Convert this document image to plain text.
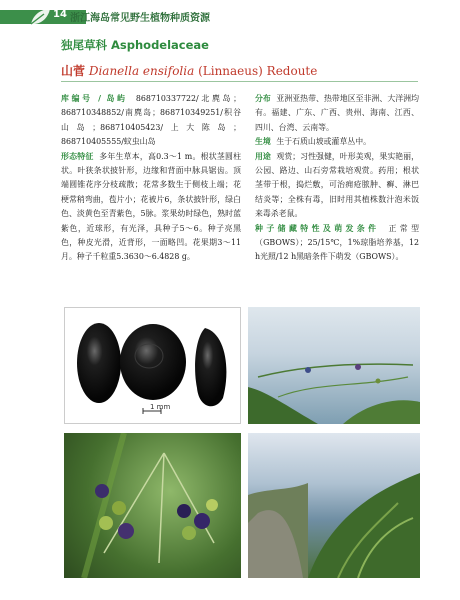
14 浙江海岛常见野生植物种质资源
独尾草科 Asphodelaceae
山菅 Dianella ensifolia (Linnaeus) Redoute

库编号 / 岛屿 868710337722/北麂岛；868710348852/南麂岛；868710349251/积谷山岛；868710405423/上大陈岛；868710405555/蚊虫山岛

形态特征 多年生草本，高0.3～1 m。根状茎圆柱状。叶狭条状披针形，边缘和背面中脉具锯齿。顶端圆锥花序分枝疏散；花常多数生于侧枝上端；花梗常稍弯曲，苞片小；花被片6，条状披针形，绿白色、淡黄色至青紫色，5脉。浆果幼时绿色，熟时蓝紫色，近球形，有光泽，具种子5～6。种子亮黑色，种皮光滑，近背形，一面略凹。花果期3～11月。种子千粒重5.3630～6.4828 g。

分布 亚洲亚热带、热带地区至非洲、大洋洲均有。福建、广东、广西、贵州、海南、江西、四川、台湾、云南等。

生境 生于石质山坡或灌草丛中。

用途 观赏；习性强健，叶形美观，果实艳丽，公园、路边、山石旁常栽培观赏。药用；根状茎带于根，捣烂敷，可治痈疮脓肿、癣、淋巴结炎等；全株有毒，旧时用其植株数汁泡米饭来毒杀老鼠。

种子储藏特性及萌发条件 正常型（GBOWS）；25/15℃，1%琼脂培养基，12 h光照/12 h黑暗条件下萌发（GBOWS）。

1 mm
